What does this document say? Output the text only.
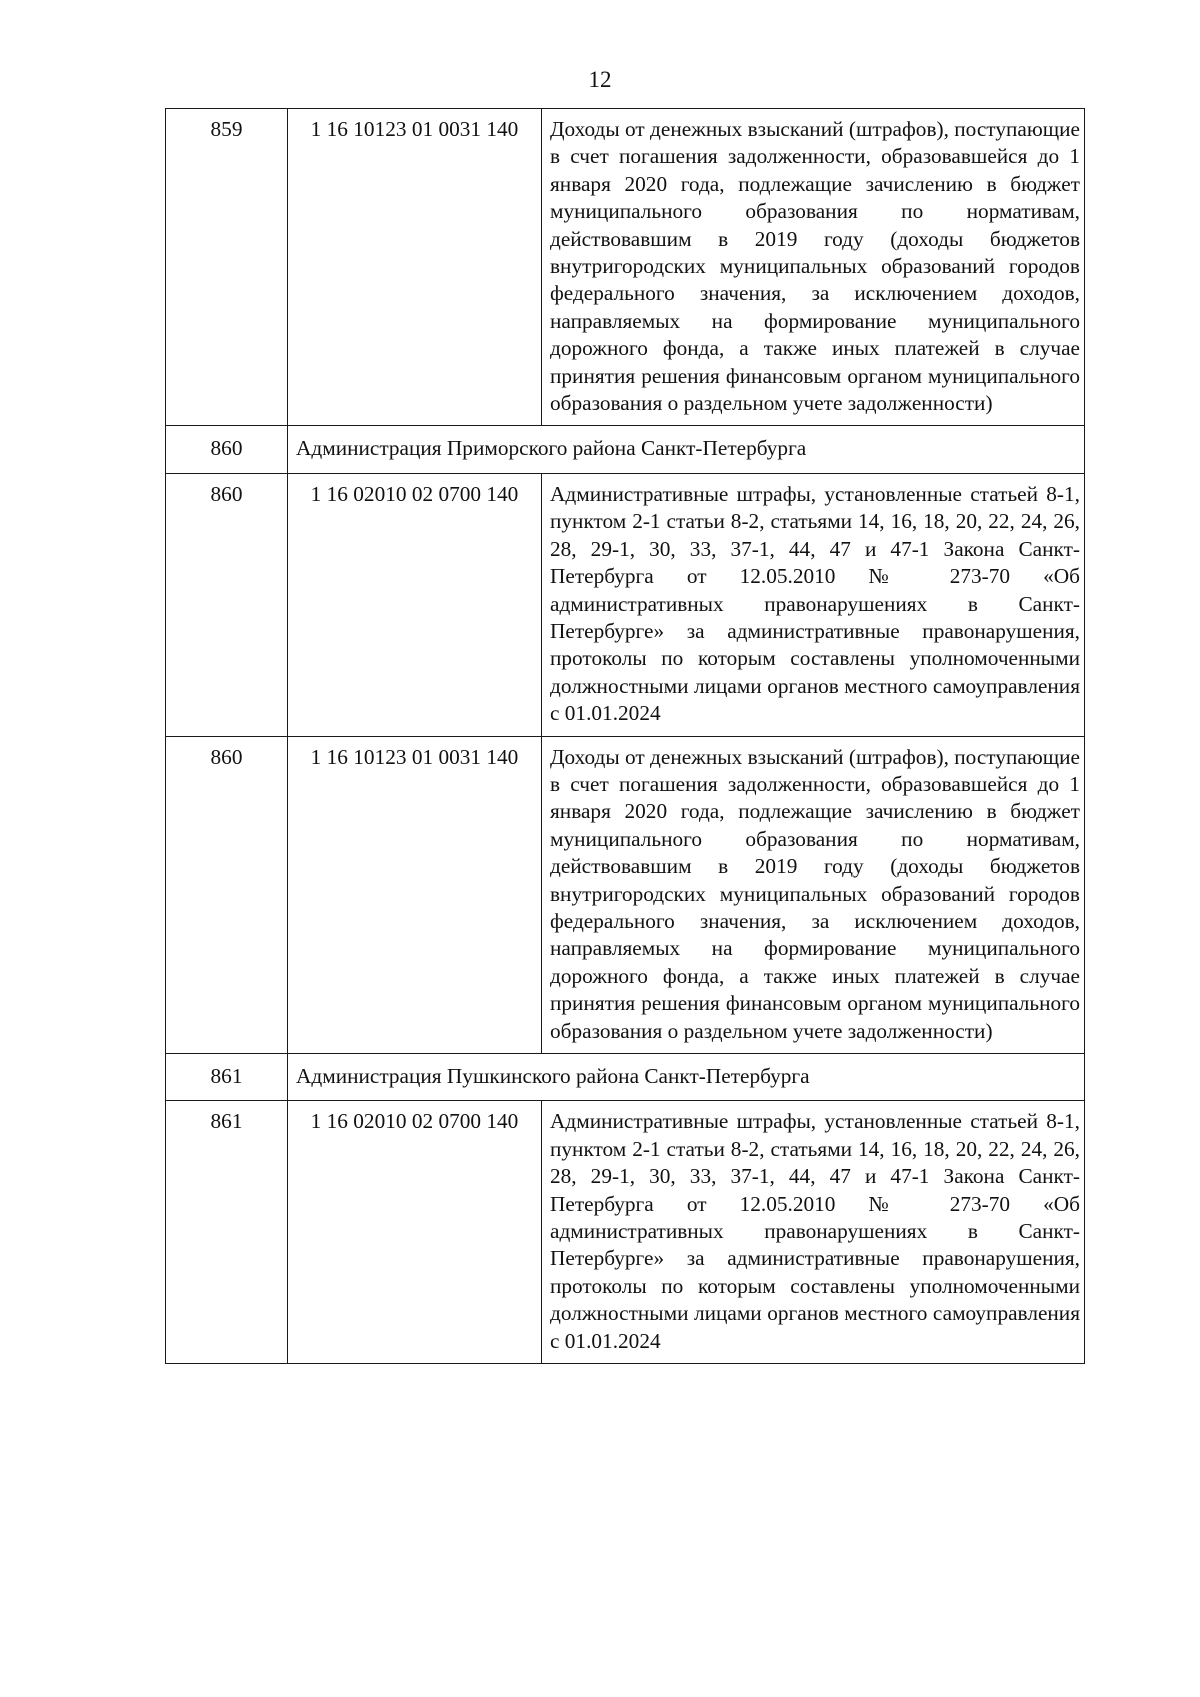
12
859	1 16 10123 01 0031 140	Доходы от денежных взысканий (штрафов), поступающие в счет погашения задолженности, образовавшейся до 1 января 2020 года, подлежащие зачислению в бюджет муниципального образования по нормативам, действовавшим в 2019 году (доходы бюджетов внутригородских муниципальных образований городов федерального значения, за исключением доходов, направляемых на формирование муниципального дорожного фонда, а также иных платежей в случае принятия решения финансовым органом муниципального образования о раздельном учете задолженности)
860	Администрация Приморского района Санкт-Петербурга	
860	1 16 02010 02 0700 140	Административные штрафы, установленные статьей 8-1, пунктом 2-1 статьи 8-2, статьями 14, 16, 18, 20, 22, 24, 26, 28, 29-1, 30, 33, 37-1, 44, 47 и 47-1 Закона Санкт-Петербурга от 12.05.2010 № 273-70 «Об административных правонарушениях в Санкт-Петербурге» за административные правонарушения, протоколы по которым составлены уполномоченными должностными лицами органов местного самоуправления с 01.01.2024
860	1 16 10123 01 0031 140	Доходы от денежных взысканий (штрафов), поступающие в счет погашения задолженности, образовавшейся до 1 января 2020 года, подлежащие зачислению в бюджет муниципального образования по нормативам, действовавшим в 2019 году (доходы бюджетов внутригородских муниципальных образований городов федерального значения, за исключением доходов, направляемых на формирование муниципального дорожного фонда, а также иных платежей в случае принятия решения финансовым органом муниципального образования о раздельном учете задолженности)
861	Администрация Пушкинского района Санкт-Петербурга	
861	1 16 02010 02 0700 140	Административные штрафы, установленные статьей 8-1, пунктом 2-1 статьи 8-2, статьями 14, 16, 18, 20, 22, 24, 26, 28, 29-1, 30, 33, 37-1, 44, 47 и 47-1 Закона Санкт-Петербурга от 12.05.2010 № 273-70 «Об административных правонарушениях в Санкт-Петербурге» за административные правонарушения, протоколы по которым составлены уполномоченными должностными лицами органов местного самоуправления с 01.01.2024
